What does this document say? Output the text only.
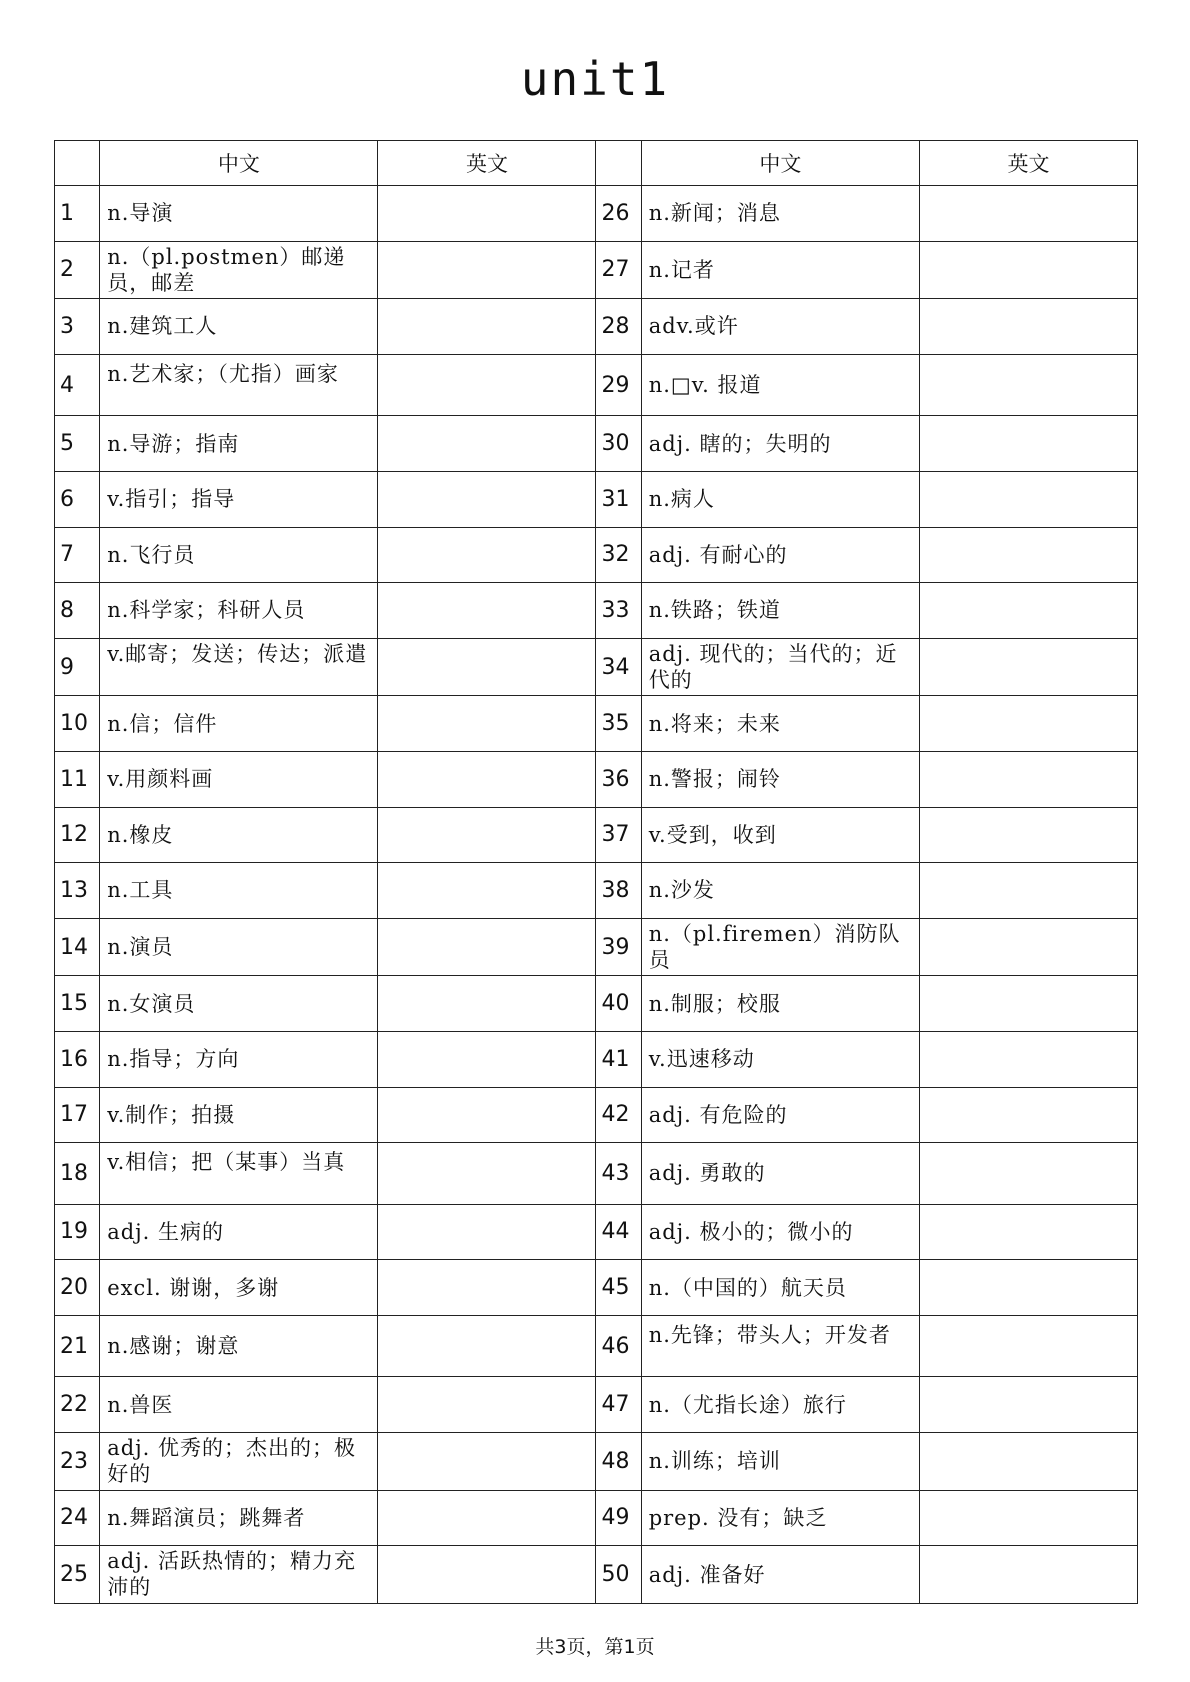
unit1
	中文	英文		中文	英文
1	n.导演		26	n.新闻；消息	
2	n.（pl.postmen）邮递员，邮差		27	n.记者	
3	n.建筑工人		28	adv.或许	
4	n.艺术家；（尤指）画家		29	n.□v. 报道	
5	n.导游；指南		30	adj. 瞎的；失明的	
6	v.指引；指导		31	n.病人	
7	n.飞行员		32	adj. 有耐心的	
8	n.科学家；科研人员		33	n.铁路；铁道	
9	v.邮寄；发送；传达；派遣		34	adj. 现代的；当代的；近代的	
10	n.信；信件		35	n.将来；未来	
11	v.用颜料画		36	n.警报；闹铃	
12	n.橡皮		37	v.受到，收到	
13	n.工具		38	n.沙发	
14	n.演员		39	n.（pl.firemen）消防队员	
15	n.女演员		40	n.制服；校服	
16	n.指导；方向		41	v.迅速移动	
17	v.制作；拍摄		42	adj. 有危险的	
18	v.相信；把（某事）当真		43	adj. 勇敢的	
19	adj. 生病的		44	adj. 极小的；微小的	
20	excl. 谢谢，多谢		45	n.（中国的）航天员	
21	n.感谢；谢意		46	n.先锋；带头人；开发者	
22	n.兽医		47	n.（尤指长途）旅行	
23	adj. 优秀的；杰出的；极好的		48	n.训练；培训	
24	n.舞蹈演员；跳舞者		49	prep. 没有；缺乏	
25	adj. 活跃热情的；精力充沛的		50	adj. 准备好	
共3页，第1页
